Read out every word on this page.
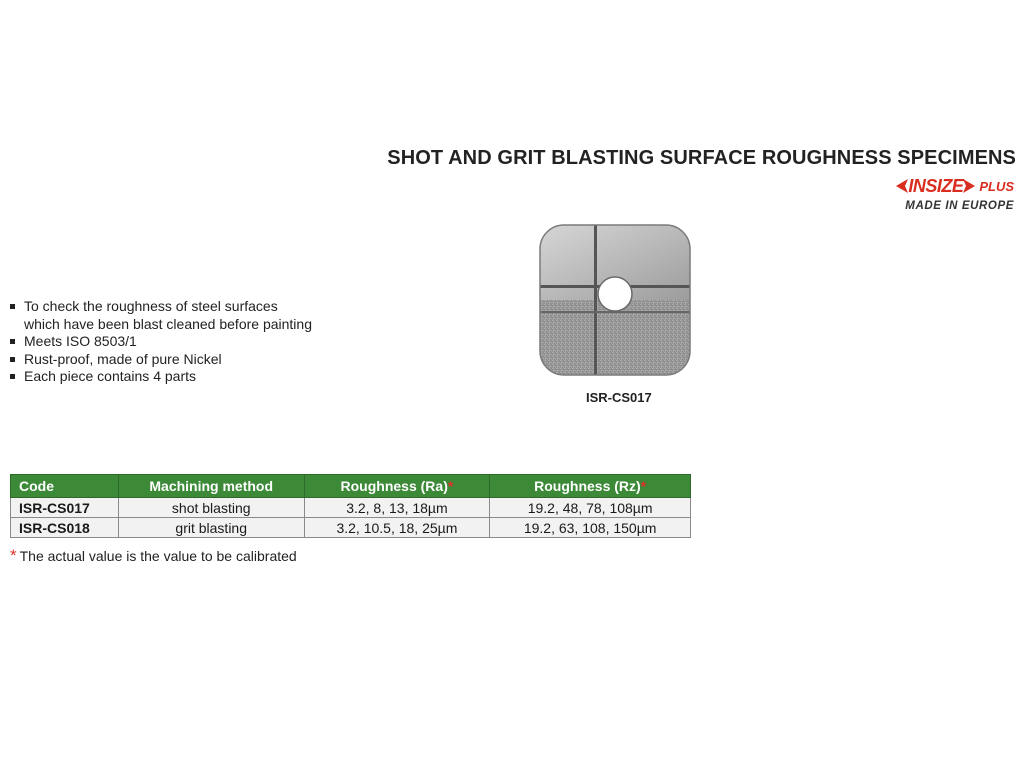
SHOT AND GRIT BLASTING SURFACE ROUGHNESS SPECIMENS
INSIZE PLUS
MADE IN EUROPE
To check the roughness of steel surfaces
which have been blast cleaned before painting
Meets ISO 8503/1
Rust-proof, made of pure Nickel
Each piece contains 4 parts
ISR-CS017
Code	Machining method	Roughness (Ra)*	Roughness (Rz)*
ISR-CS017	shot blasting	3.2, 8, 13, 18µm	19.2, 48, 78, 108µm
ISR-CS018	grit blasting	3.2, 10.5, 18, 25µm	19.2, 63, 108, 150µm
* The actual value is the value to be calibrated
